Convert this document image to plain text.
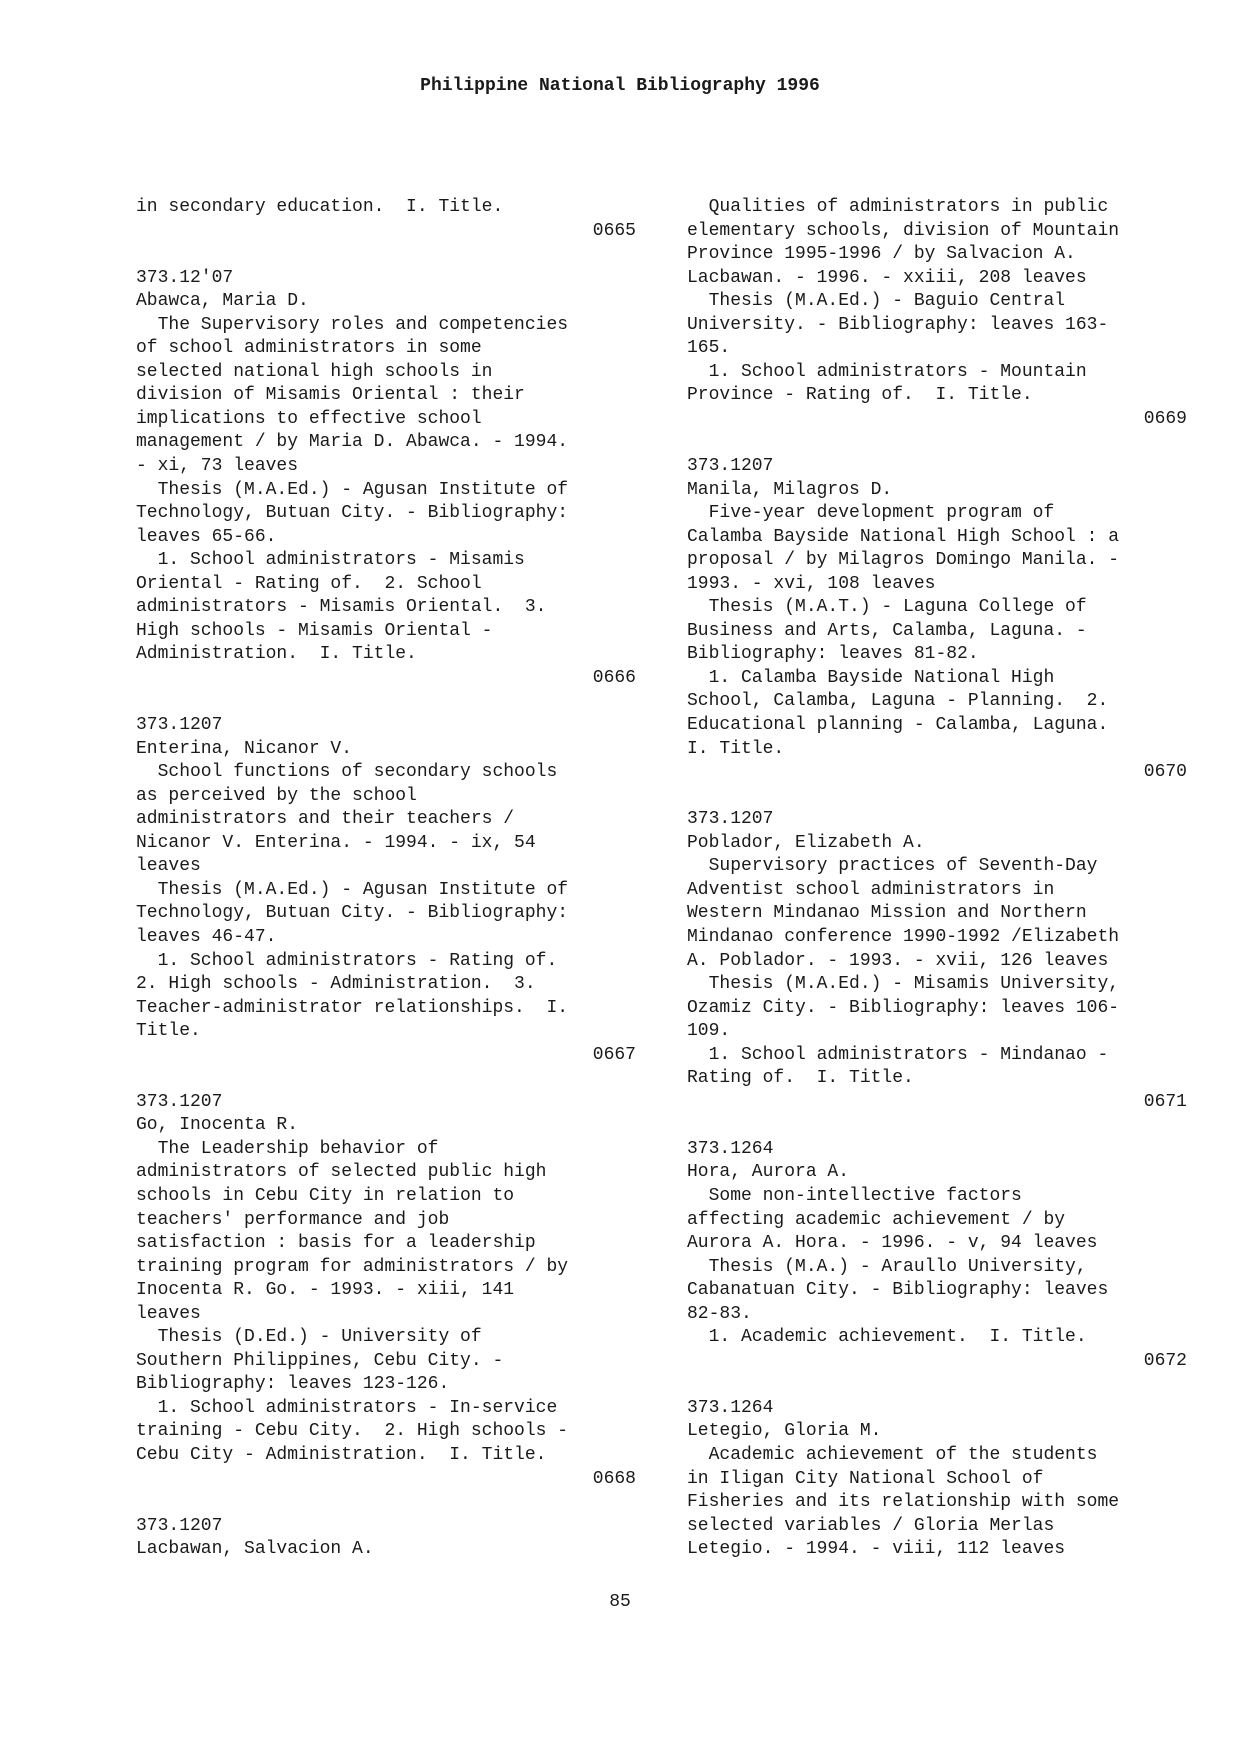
Philippine National Bibliography 1996
in secondary education.  I. Title.
0665
373.12'07
Abawca, Maria D.
The Supervisory roles and competencies
of school administrators in some
selected national high schools in
division of Misamis Oriental : their
implications to effective school
management / by Maria D. Abawca. - 1994.
- xi, 73 leaves
Thesis (M.A.Ed.) - Agusan Institute of
Technology, Butuan City. - Bibliography:
leaves 65-66.
1. School administrators - Misamis
Oriental - Rating of.  2. School
administrators - Misamis Oriental.  3.
High schools - Misamis Oriental -
Administration.  I. Title.
0666
373.1207
Enterina, Nicanor V.
School functions of secondary schools
as perceived by the school
administrators and their teachers /
Nicanor V. Enterina. - 1994. - ix, 54
leaves
Thesis (M.A.Ed.) - Agusan Institute of
Technology, Butuan City. - Bibliography:
leaves 46-47.
1. School administrators - Rating of.
2. High schools - Administration.  3.
Teacher-administrator relationships.  I.
Title.
0667
373.1207
Go, Inocenta R.
The Leadership behavior of
administrators of selected public high
schools in Cebu City in relation to
teachers' performance and job
satisfaction : basis for a leadership
training program for administrators / by
Inocenta R. Go. - 1993. - xiii, 141
leaves
Thesis (D.Ed.) - University of
Southern Philippines, Cebu City. -
Bibliography: leaves 123-126.
1. School administrators - In-service
training - Cebu City.  2. High schools -
Cebu City - Administration.  I. Title.
0668
373.1207
Lacbawan, Salvacion A.
Qualities of administrators in public
elementary schools, division of Mountain
Province 1995-1996 / by Salvacion A.
Lacbawan. - 1996. - xxiii, 208 leaves
Thesis (M.A.Ed.) - Baguio Central
University. - Bibliography: leaves 163-
165.
1. School administrators - Mountain
Province - Rating of.  I. Title.
0669
373.1207
Manila, Milagros D.
Five-year development program of
Calamba Bayside National High School : a
proposal / by Milagros Domingo Manila. -
1993. - xvi, 108 leaves
Thesis (M.A.T.) - Laguna College of
Business and Arts, Calamba, Laguna. -
Bibliography: leaves 81-82.
1. Calamba Bayside National High
School, Calamba, Laguna - Planning.  2.
Educational planning - Calamba, Laguna.
I. Title.
0670
373.1207
Poblador, Elizabeth A.
Supervisory practices of Seventh-Day
Adventist school administrators in
Western Mindanao Mission and Northern
Mindanao conference 1990-1992 /Elizabeth
A. Poblador. - 1993. - xvii, 126 leaves
Thesis (M.A.Ed.) - Misamis University,
Ozamiz City. - Bibliography: leaves 106-
109.
1. School administrators - Mindanao -
Rating of.  I. Title.
0671
373.1264
Hora, Aurora A.
Some non-intellective factors
affecting academic achievement / by
Aurora A. Hora. - 1996. - v, 94 leaves
Thesis (M.A.) - Araullo University,
Cabanatuan City. - Bibliography: leaves
82-83.
1. Academic achievement.  I. Title.
0672
373.1264
Letegio, Gloria M.
Academic achievement of the students
in Iligan City National School of
Fisheries and its relationship with some
selected variables / Gloria Merlas
Letegio. - 1994. - viii, 112 leaves
85
